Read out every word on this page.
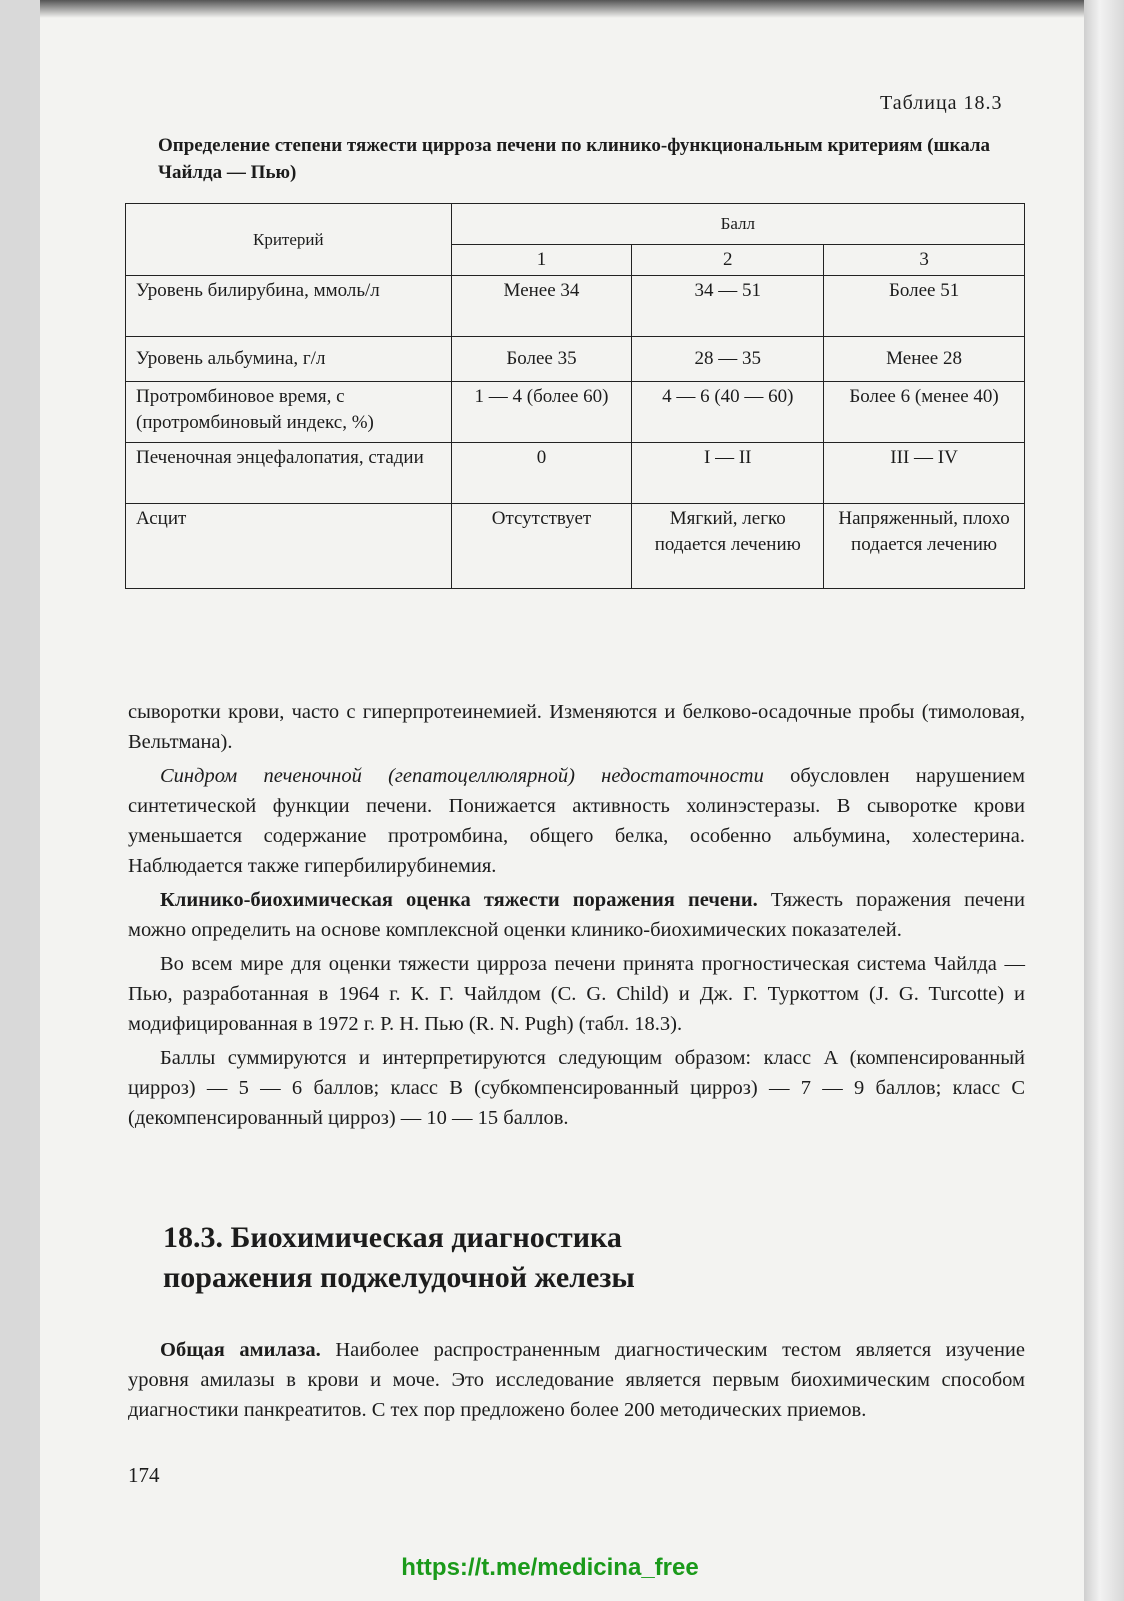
Таблица 18.3
Определение степени тяжести цирроза печени по клинико-функциональным критериям (шкала Чайлда — Пью)
Критерий	Балл		
	1	2	3
Уровень билирубина, ммоль/л	Менее 34	34 — 51	Более 51
Уровень альбумина, г/л	Более 35	28 — 35	Менее 28
Протромбиновое время, с (протромбиновый индекс, %)	1 — 4 (более 60)	4 — 6 (40 — 60)	Более 6 (менее 40)
Печеночная энцефалопатия, стадии	0	I — II	III — IV
Асцит	Отсутствует	Мягкий, легко подается лечению	Напряженный, плохо подается лечению

сыворотки крови, часто с гиперпротеинемией. Изменяются и белково-осадочные пробы (тимоловая, Вельтмана).

Синдром печеночной (гепатоцеллюлярной) недостаточности обусловлен нарушением синтетической функции печени. Понижается активность холинэстеразы. В сыворотке крови уменьшается содержание протромбина, общего белка, особенно альбумина, холестерина. Наблюдается также гипербилирубинемия.

Клинико-биохимическая оценка тяжести поражения печени. Тяжесть поражения печени можно определить на основе комплексной оценки клинико-биохимических показателей.

Во всем мире для оценки тяжести цирроза печени принята прогностическая система Чайлда — Пью, разработанная в 1964 г. К. Г. Чайлдом (C. G. Child) и Дж. Г. Туркоттом (J. G. Turcotte) и модифицированная в 1972 г. Р. Н. Пью (R. N. Pugh) (табл. 18.3).

Баллы суммируются и интерпретируются следующим образом: класс A (компенсированный цирроз) — 5 — 6 баллов; класс B (субкомпенсированный цирроз) — 7 — 9 баллов; класс C (декомпенсированный цирроз) — 10 — 15 баллов.

18.3. Биохимическая диагностика
поражения поджелудочной железы

Общая амилаза. Наиболее распространенным диагностическим тестом является изучение уровня амилазы в крови и моче. Это исследование является первым биохимическим способом диагностики панкреатитов. С тех пор предложено более 200 методических приемов.

174
https://t.me/medicina_free
